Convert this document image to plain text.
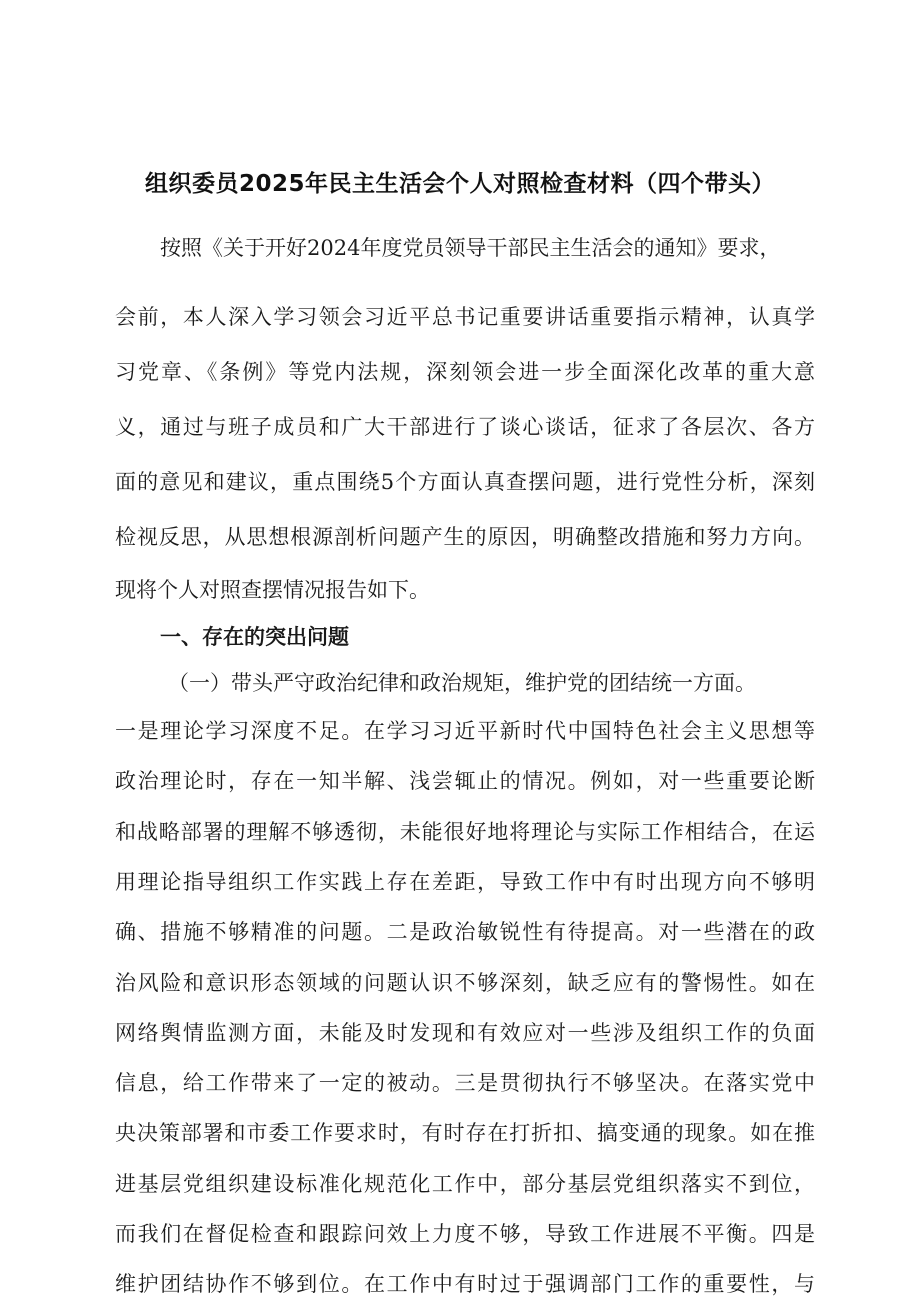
组织委员2025年民主生活会个人对照检查材料（四个带头）

按照《关于开好2024年度党员领导干部民主生活会的通知》要求，

会前，本人深入学习领会习近平总书记重要讲话重要指示精神，认真学

习党章、《条例》等党内法规，深刻领会进一步全面深化改革的重大意

义，通过与班子成员和广大干部进行了谈心谈话，征求了各层次、各方

面的意见和建议，重点围绕5个方面认真查摆问题，进行党性分析，深刻

检视反思，从思想根源剖析问题产生的原因，明确整改措施和努力方向。

现将个人对照查摆情况报告如下。

一、存在的突出问题

（一）带头严守政治纪律和政治规矩，维护党的团结统一方面。

一是理论学习深度不足。在学习习近平新时代中国特色社会主义思想等

政治理论时，存在一知半解、浅尝辄止的情况。例如，对一些重要论断

和战略部署的理解不够透彻，未能很好地将理论与实际工作相结合，在运

用理论指导组织工作实践上存在差距，导致工作中有时出现方向不够明

确、措施不够精准的问题。二是政治敏锐性有待提高。对一些潜在的政

治风险和意识形态领域的问题认识不够深刻，缺乏应有的警惕性。如在

网络舆情监测方面，未能及时发现和有效应对一些涉及组织工作的负面

信息，给工作带来了一定的被动。三是贯彻执行不够坚决。在落实党中

央决策部署和市委工作要求时，有时存在打折扣、搞变通的现象。如在推

进基层党组织建设标准化规范化工作中，部分基层党组织落实不到位，

而我们在督促检查和跟踪问效上力度不够，导致工作进展不平衡。四是

维护团结协作不够到位。在工作中有时过于强调部门工作的重要性，与
